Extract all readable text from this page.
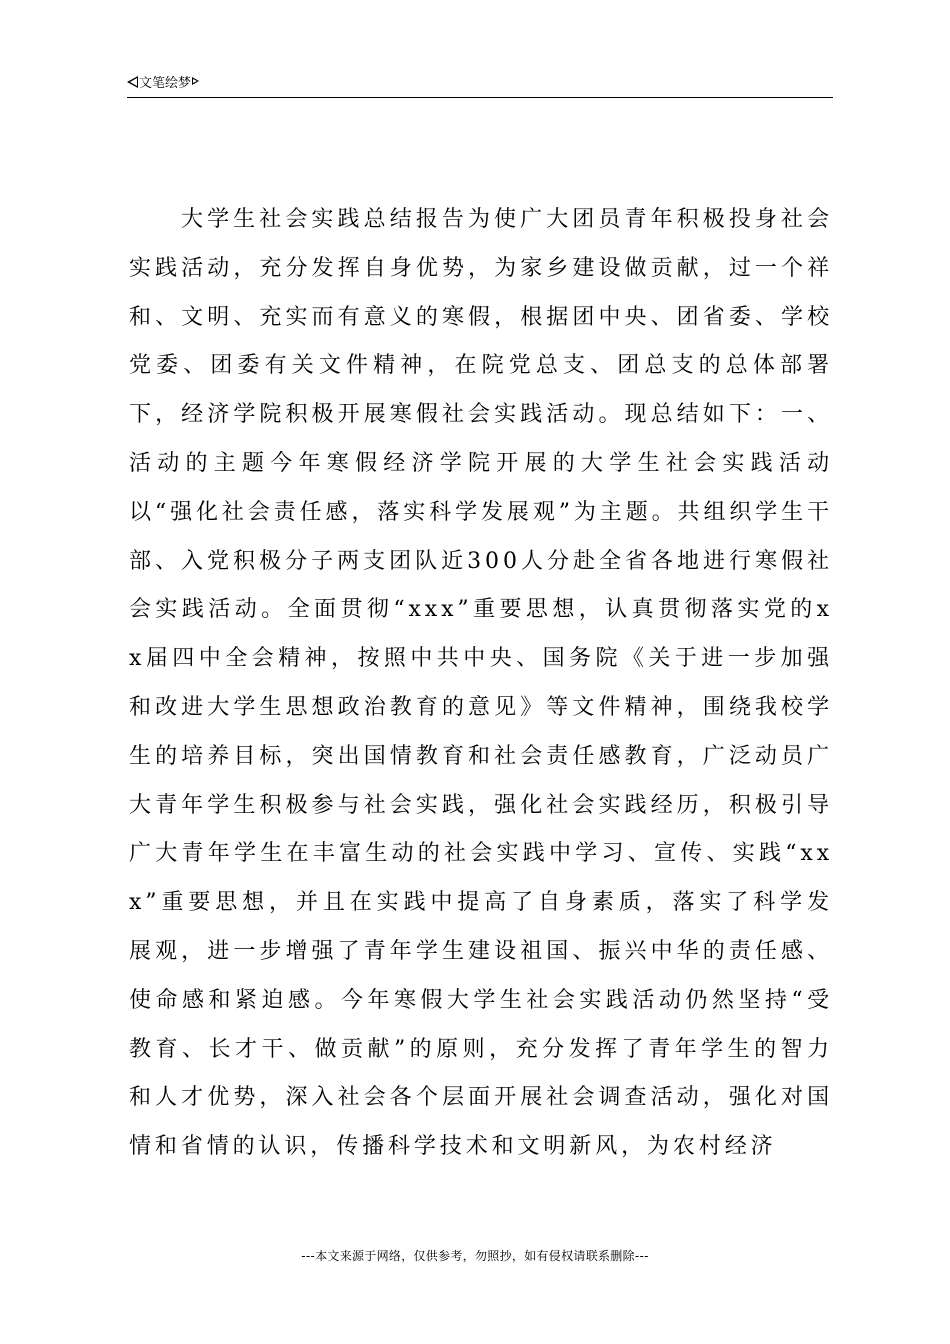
文笔绘梦

大学生社会实践总结报告为使广大团员青年积极投身社会实践活动，充分发挥自身优势，为家乡建设做贡献，过一个祥和、文明、充实而有意义的寒假，根据团中央、团省委、学校党委、团委有关文件精神，在院党总支、团总支的总体部署下，经济学院积极开展寒假社会实践活动。现总结如下：一、活动的主题今年寒假经济学院开展的大学生社会实践活动以“强化社会责任感，落实科学发展观”为主题。共组织学生干部、入党积极分子两支团队近300人分赴全省各地进行寒假社会实践活动。全面贯彻“xxx”重要思想，认真贯彻落实党的xx届四中全会精神，按照中共中央、国务院《关于进一步加强和改进大学生思想政治教育的意见》等文件精神，围绕我校学生的培养目标，突出国情教育和社会责任感教育，广泛动员广大青年学生积极参与社会实践，强化社会实践经历，积极引导广大青年学生在丰富生动的社会实践中学习、宣传、实践“xxx”重要思想，并且在实践中提高了自身素质，落实了科学发展观，进一步增强了青年学生建设祖国、振兴中华的责任感、使命感和紧迫感。今年寒假大学生社会实践活动仍然坚持“受教育、长才干、做贡献”的原则，充分发挥了青年学生的智力和人才优势，深入社会各个层面开展社会调查活动，强化对国情和省情的认识，传播科学技术和文明新风，为农村经济

---本文来源于网络，仅供参考，勿照抄，如有侵权请联系删除---
